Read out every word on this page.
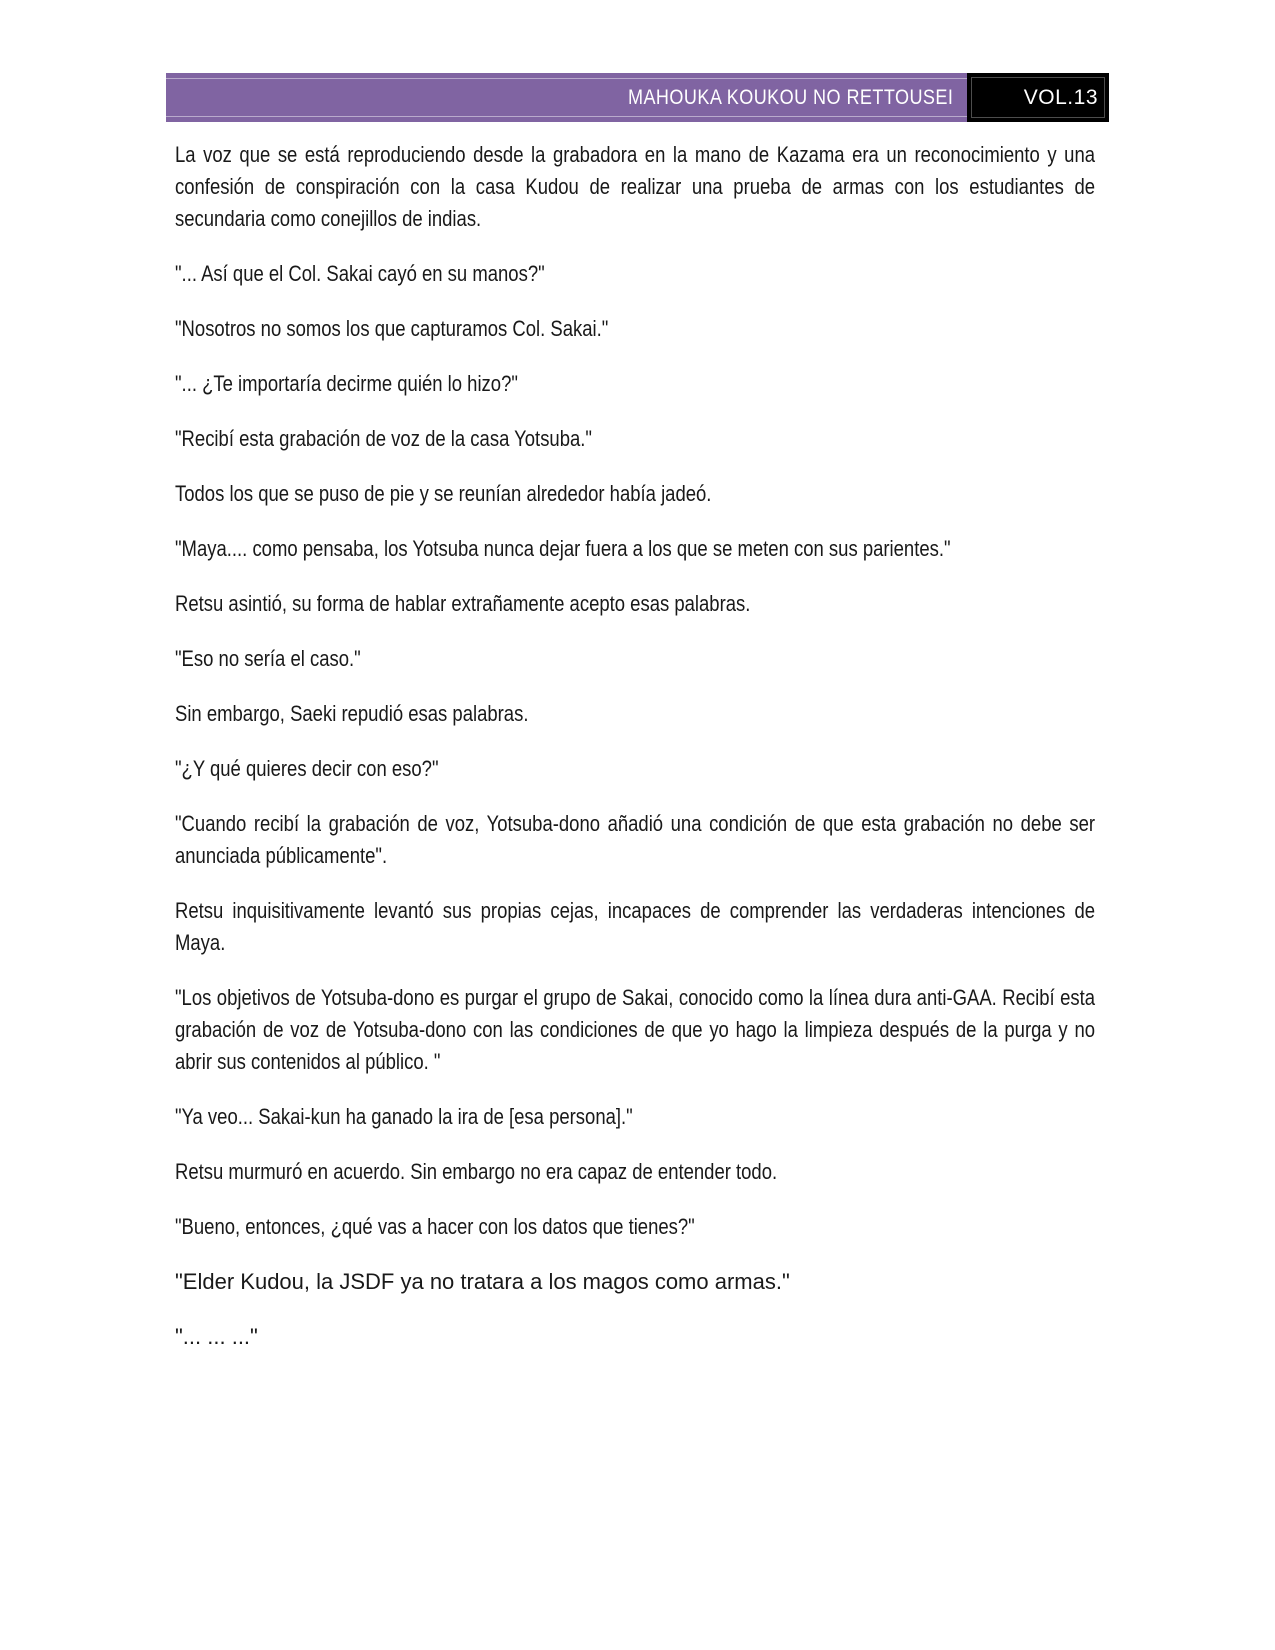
MAHOUKA KOUKOU NO RETTOUSEI	VOL.13

La voz que se está reproduciendo desde la grabadora en la mano de Kazama era un reconocimiento y una confesión de conspiración con la casa Kudou de realizar una prueba de armas con los estudiantes de secundaria como conejillos de indias.

"... Así que el Col. Sakai cayó en su manos?"

"Nosotros no somos los que capturamos Col. Sakai."

"... ¿Te importaría decirme quién lo hizo?"

"Recibí esta grabación de voz de la casa Yotsuba."

Todos los que se puso de pie y se reunían alrededor había jadeó.

"Maya.... como pensaba, los Yotsuba nunca dejar fuera a los que se meten con sus parientes."

Retsu asintió, su forma de hablar extrañamente acepto esas palabras.

"Eso no sería el caso."

Sin embargo, Saeki repudió esas palabras.

"¿Y qué quieres decir con eso?"

"Cuando recibí la grabación de voz, Yotsuba-dono añadió una condición de que esta grabación no debe ser anunciada públicamente".

Retsu inquisitivamente levantó sus propias cejas, incapaces de comprender las verdaderas intenciones de Maya.

"Los objetivos de Yotsuba-dono es purgar el grupo de Sakai, conocido como la línea dura anti-GAA. Recibí esta grabación de voz de Yotsuba-dono con las condiciones de que yo hago la limpieza después de la purga y no abrir sus contenidos al público. "

"Ya veo... Sakai-kun ha ganado la ira de [esa persona]."

Retsu murmuró en acuerdo. Sin embargo no era capaz de entender todo.

"Bueno, entonces, ¿qué vas a hacer con los datos que tienes?"

"Elder Kudou, la JSDF ya no tratara a los magos como armas."

"... ... ..."
